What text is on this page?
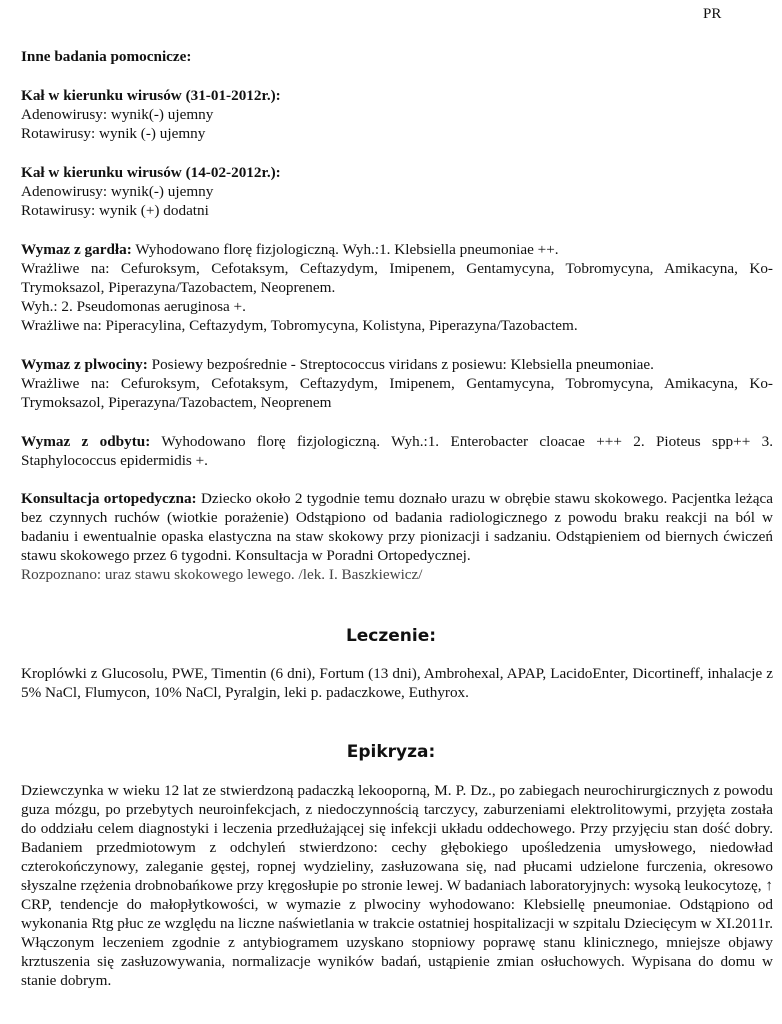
PR

Inne badania pomocnicze:

Kał w kierunku wirusów (31-01-2012r.):

Adenowirusy: wynik(-) ujemny

Rotawirusy: wynik (-) ujemny

Kał w kierunku wirusów (14-02-2012r.):

Adenowirusy: wynik(-) ujemny

Rotawirusy: wynik (+) dodatni

Wymaz z gardła: Wyhodowano florę fizjologiczną. Wyh.:1. Klebsiella pneumoniae ++.

Wrażliwe na: Cefuroksym, Cefotaksym, Ceftazydym, Imipenem, Gentamycyna, Tobromycyna, Amikacyna, Ko-Trymoksazol, Piperazyna/Tazobactem, Neoprenem.

Wyh.: 2. Pseudomonas aeruginosa +.

Wrażliwe na: Piperacylina, Ceftazydym, Tobromycyna, Kolistyna, Piperazyna/Tazobactem.

Wymaz z plwociny: Posiewy bezpośrednie - Streptococcus viridans z posiewu: Klebsiella pneumoniae.

Wrażliwe na: Cefuroksym, Cefotaksym, Ceftazydym, Imipenem, Gentamycyna, Tobromycyna, Amikacyna, Ko-Trymoksazol, Piperazyna/Tazobactem, Neoprenem

Wymaz z odbytu: Wyhodowano florę fizjologiczną. Wyh.:1. Enterobacter cloacae +++ 2. Pioteus spp++ 3. Staphylococcus epidermidis +.

Konsultacja ortopedyczna: Dziecko około 2 tygodnie temu doznało urazu w obrębie stawu skokowego. Pacjentka leżąca bez czynnych ruchów (wiotkie porażenie) Odstąpiono od badania radiologicznego z powodu braku reakcji na ból w badaniu i ewentualnie opaska elastyczna na staw skokowy przy pionizacji i sadzaniu. Odstąpieniem od biernych ćwiczeń stawu skokowego przez 6 tygodni. Konsultacja w Poradni Ortopedycznej.

Rozpoznano: uraz stawu skokowego lewego. /lek. I. Baszkiewicz/

Leczenie:

Kroplówki z Glucosolu, PWE, Timentin (6 dni), Fortum (13 dni), Ambrohexal, APAP, LacidoEnter, Dicortineff, inhalacje z 5% NaCl, Flumycon, 10% NaCl, Pyralgin, leki p. padaczkowe, Euthyrox.

Epikryza:

Dziewczynka w wieku 12 lat ze stwierdzoną padaczką lekooporną, M. P. Dz., po zabiegach neurochirurgicznych z powodu guza mózgu, po przebytych neuroinfekcjach, z niedoczynnością tarczycy, zaburzeniami elektrolitowymi, przyjęta została do oddziału celem diagnostyki i leczenia przedłużającej się infekcji układu oddechowego. Przy przyjęciu stan dość dobry. Badaniem przedmiotowym z odchyleń stwierdzono: cechy głębokiego upośledzenia umysłowego, niedowład czterokończynowy, zaleganie gęstej, ropnej wydzieliny, zasłuzowana się, nad płucami udzielone furczenia, okresowo słyszalne rzężenia drobnobańkowe przy kręgosłupie po stronie lewej. W badaniach laboratoryjnych: wysoką leukocytozę, ↑ CRP, tendencje do małopłytkowości, w wymazie z plwociny wyhodowano: Klebsiellę pneumoniae. Odstąpiono od wykonania Rtg płuc ze względu na liczne naświetlania w trakcie ostatniej hospitalizacji w szpitalu Dziecięcym w XI.2011r. Włączonym leczeniem zgodnie z antybiogramem uzyskano stopniowy poprawę stanu klinicznego, mniejsze objawy krztuszenia się zasłuzowywania, normalizacje wyników badań, ustąpienie zmian osłuchowych. Wypisana do domu w stanie dobrym.
